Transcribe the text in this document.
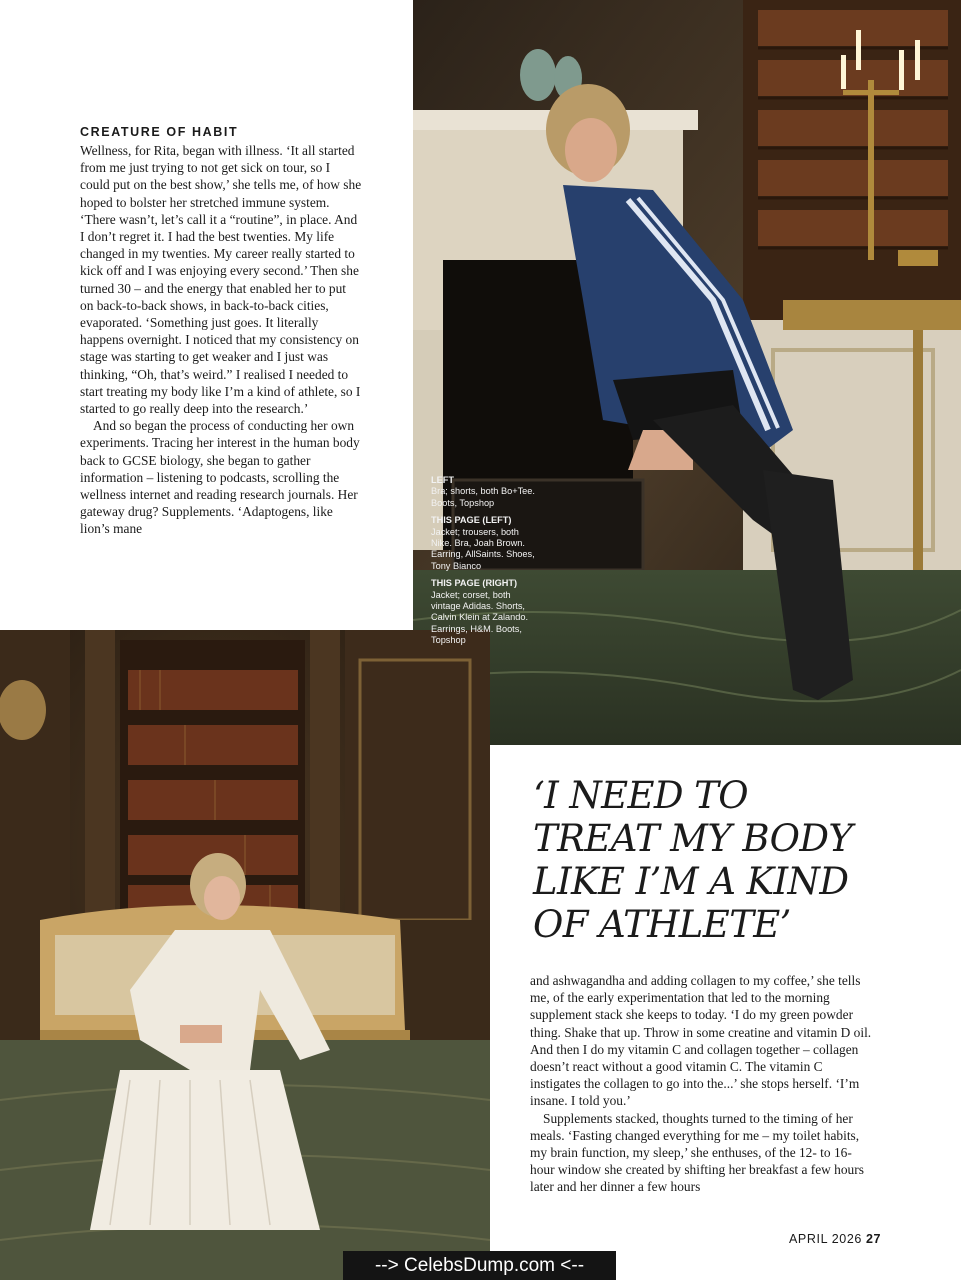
CREATURE OF HABIT

Wellness, for Rita, began with illness. ‘It all started from me just trying to not get sick on tour, so I could put on the best show,’ she tells me, of how she hoped to bolster her stretched immune system. ‘There wasn’t, let’s call it a “routine”, in place. And I don’t regret it. I had the best twenties. My life changed in my twenties. My career really started to kick off and I was enjoying every second.’ Then she turned 30 – and the energy that enabled her to put on back-to-back shows, in back-to-back cities, evaporated. ‘Something just goes. It literally happens overnight. I noticed that my consistency on stage was starting to get weaker and I just was thinking, “Oh, that’s weird.” I realised I needed to start treating my body like I’m a kind of athlete, so I started to go really deep into the research.’

And so began the process of conducting her own experiments. Tracing her interest in the human body back to GCSE biology, she began to gather information – listening to podcasts, scrolling the wellness internet and reading research journals. Her gateway drug? Supplements. ‘Adaptogens, like lion’s mane

LEFT
Bra; shorts, both Bo+Tee. Boots, Topshop
THIS PAGE (LEFT)
Jacket; trousers, both Nike. Bra, Joah Brown. Earring, AllSaints. Shoes, Tony Bianco
THIS PAGE (RIGHT)
Jacket; corset, both vintage Adidas. Shorts, Calvin Klein at Zalando. Earrings, H&M. Boots, Topshop
‘I NEED TO
TREAT MY BODY
LIKE I’M A KIND
OF ATHLETE’

and ashwagandha and adding collagen to my coffee,’ she tells me, of the early experimentation that led to the morning supplement stack she keeps to today. ‘I do my green powder thing. Shake that up. Throw in some creatine and vitamin D oil. And then I do my vitamin C and collagen together – collagen doesn’t react without a good vitamin C. The vitamin C instigates the collagen to go into the...’ she stops herself. ‘I’m insane. I told you.’

Supplements stacked, thoughts turned to the timing of her meals. ‘Fasting changed everything for me – my toilet habits, my brain function, my sleep,’ she enthuses, of the 12- to 16-hour window she created by shifting her breakfast a few hours later and her dinner a few hours

APRIL 2026 27
--> CelebsDump.com <--
